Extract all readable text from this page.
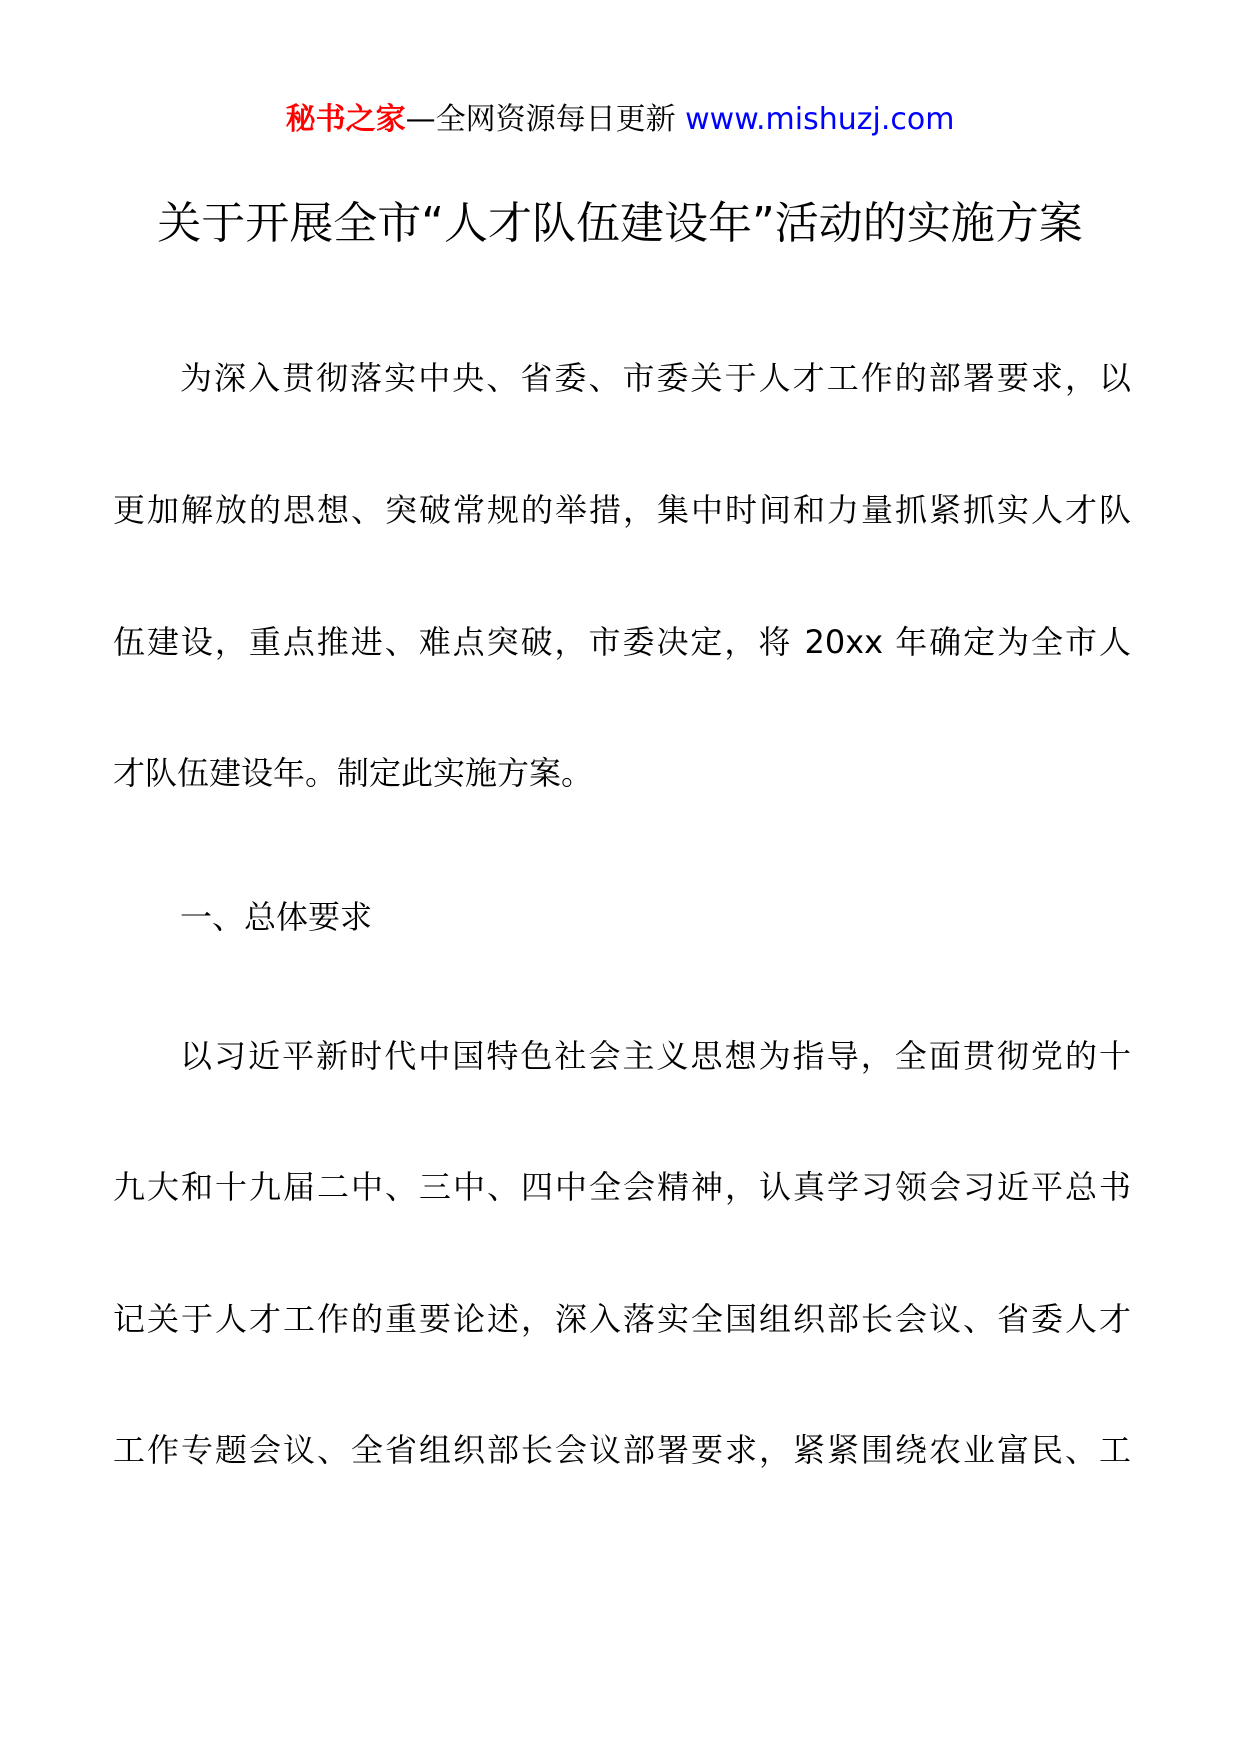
秘书之家—全网资源每日更新 www.mishuzj.com
关于开展全市“人才队伍建设年”活动的实施方案

为深入贯彻落实中央、省委、市委关于人才工作的部署要求，以

更加解放的思想、突破常规的举措，集中时间和力量抓紧抓实人才队

伍建设，重点推进、难点突破，市委决定，将 20xx 年确定为全市人

才队伍建设年。制定此实施方案。

一、总体要求

以习近平新时代中国特色社会主义思想为指导，全面贯彻党的十

九大和十九届二中、三中、四中全会精神，认真学习领会习近平总书

记关于人才工作的重要论述，深入落实全国组织部长会议、省委人才

工作专题会议、全省组织部长会议部署要求，紧紧围绕农业富民、工
